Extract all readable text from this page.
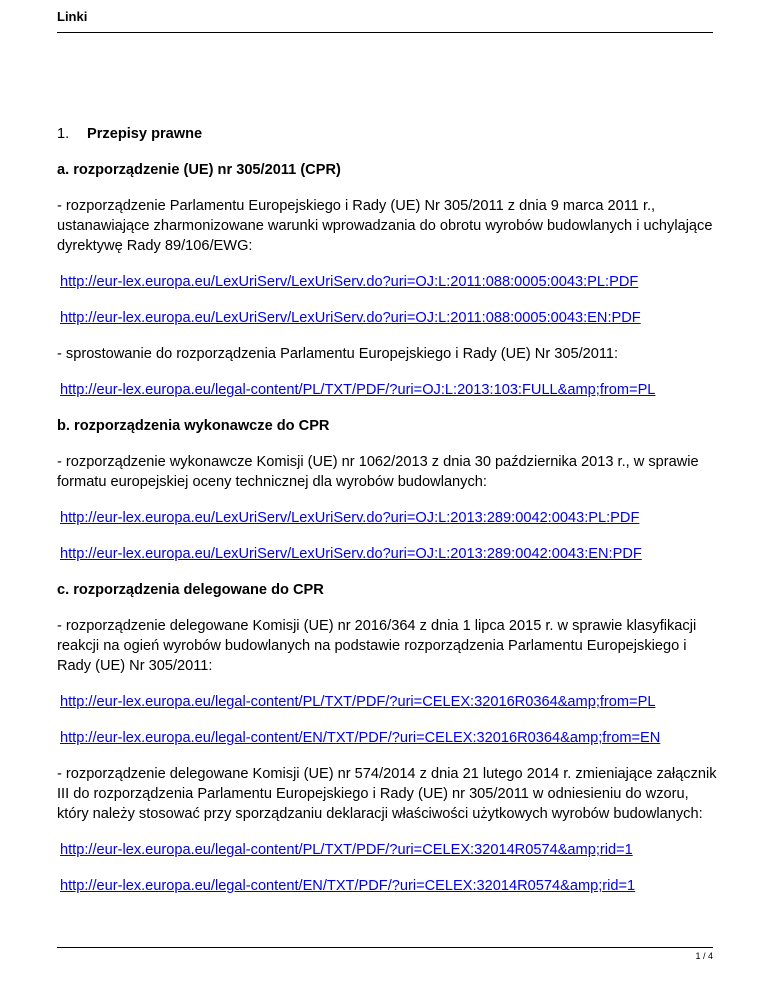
Linki
1.	Przepisy prawne
a. rozporządzenie (UE) nr 305/2011 (CPR)
- rozporządzenie Parlamentu Europejskiego i Rady (UE) Nr 305/2011 z dnia 9 marca 2011 r., ustanawiające zharmonizowane warunki wprowadzania do obrotu wyrobów budowlanych i uchylające dyrektywę Rady 89/106/EWG:
http://eur-lex.europa.eu/LexUriServ/LexUriServ.do?uri=OJ:L:2011:088:0005:0043:PL:PDF
http://eur-lex.europa.eu/LexUriServ/LexUriServ.do?uri=OJ:L:2011:088:0005:0043:EN:PDF
- sprostowanie do rozporządzenia Parlamentu Europejskiego i Rady (UE) Nr 305/2011:
http://eur-lex.europa.eu/legal-content/PL/TXT/PDF/?uri=OJ:L:2013:103:FULL&amp;from=PL
b. rozporządzenia wykonawcze do CPR
- rozporządzenie wykonawcze Komisji (UE) nr 1062/2013 z dnia 30 października 2013 r., w sprawie formatu europejskiej oceny technicznej dla wyrobów budowlanych:
http://eur-lex.europa.eu/LexUriServ/LexUriServ.do?uri=OJ:L:2013:289:0042:0043:PL:PDF
http://eur-lex.europa.eu/LexUriServ/LexUriServ.do?uri=OJ:L:2013:289:0042:0043:EN:PDF
c. rozporządzenia delegowane do CPR
- rozporządzenie delegowane Komisji (UE) nr 2016/364 z dnia 1 lipca 2015 r. w sprawie klasyfikacji reakcji na ogień wyrobów budowlanych na podstawie rozporządzenia Parlamentu Europejskiego i Rady (UE) Nr 305/2011:
http://eur-lex.europa.eu/legal-content/PL/TXT/PDF/?uri=CELEX:32016R0364&amp;from=PL
http://eur-lex.europa.eu/legal-content/EN/TXT/PDF/?uri=CELEX:32016R0364&amp;from=EN
- rozporządzenie delegowane Komisji (UE) nr 574/2014 z dnia 21 lutego 2014 r. zmieniające załącznik III do rozporządzenia Parlamentu Europejskiego i Rady (UE) nr 305/2011 w odniesieniu do wzoru, który należy stosować przy sporządzaniu deklaracji właściwości użytkowych wyrobów budowlanych:
http://eur-lex.europa.eu/legal-content/PL/TXT/PDF/?uri=CELEX:32014R0574&amp;rid=1
http://eur-lex.europa.eu/legal-content/EN/TXT/PDF/?uri=CELEX:32014R0574&amp;rid=1
1 / 4
